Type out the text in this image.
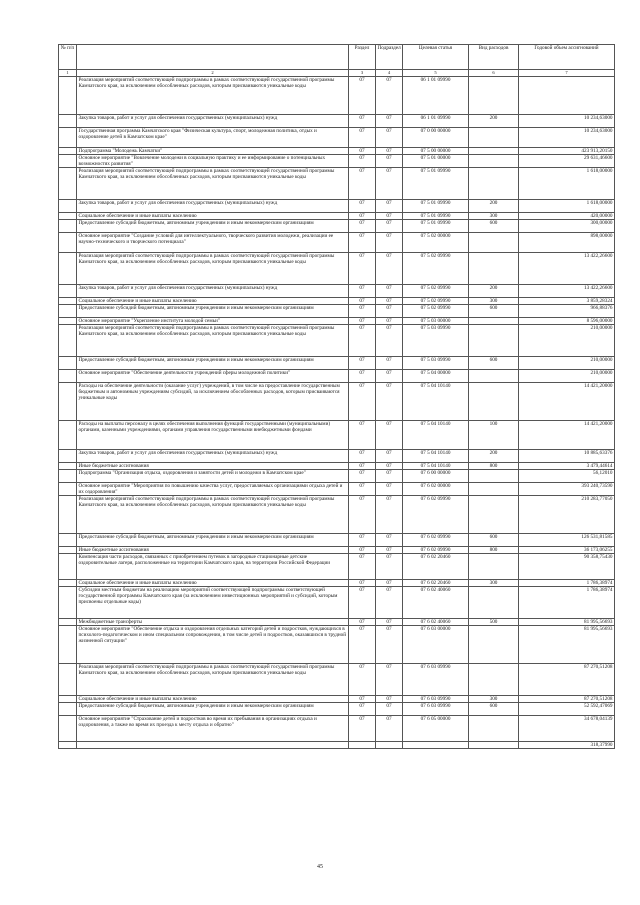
№ п/п		Раздел	Подраздел	Целевая статья	Вид расходов	Годовой объем ассигнований
1	2	3	4	5	6	7
	Реализация мероприятий соответствующей подпрограммы в рамках соответствующей государственной программы Камчатского края, за исключением обособленных расходов, которым присваиваются уникальные коды	07	07	06 1 01 09990		
	Закупка товаров, работ и услуг для обеспечения государственных (муниципальных) нужд	07	07	06 1 01 09990	200	10 234,63000
	Государственная программа Камчатского края "Физическая культура, спорт, молодежная политика, отдых и оздоровление детей в Камчатском крае"	07	07	07 0 00 00000		10 234,63000
	Подпрограмма "Молодежь Камчатки"	07	07	07 5 00 00000		423 913,20150
	Основное мероприятие "Вовлечение молодежи в социальную практику и ее информирование о потенциальных возможностях развития"	07	07	07 5 01 00000		29 631,46600
	Реализация мероприятий соответствующей подпрограммы в рамках соответствующей государственной программы Камчатского края, за исключением обособленных расходов, которым присваиваются уникальные коды	07	07	07 5 01 09990		1 618,00000
	Закупка товаров, работ и услуг для обеспечения государственных (муниципальных) нужд	07	07	07 5 01 09990	200	1 618,00000
	Социальное обеспечение и иные выплаты населению	07	07	07 5 01 09990	300	420,00000
	Предоставление субсидий бюджетным, автономным учреждениям и иным некоммерческим организациям	07	07	07 5 01 09990	600	300,00000
	Основное мероприятие "Создание условий для интеллектуального, творческого развития молодежи, реализации ее научно-технического и творческого потенциала"	07	07	07 5 02 00000		898,00000
	Реализация мероприятий соответствующей подпрограммы в рамках соответствующей государственной программы Камчатского края, за исключением обособленных расходов, которым присваиваются уникальные коды	07	07	07 5 02 09990		13 422,26600
	Закупка товаров, работ и услуг для обеспечения государственных (муниципальных) нужд	07	07	07 5 02 09990	200	13 422,26600
	Социальное обеспечение и иные выплаты населению	07	07	07 5 02 09990	300	3 859,28324
	Предоставление субсидий бюджетным, автономным учреждениям и иным некоммерческим организациям	07	07	07 5 02 09990	600	966,88376
	Основное мероприятие "Укрепление института молодой семьи"	07	07	07 5 03 00000		8 596,00000
	Реализация мероприятий соответствующей подпрограммы в рамках соответствующей государственной программы Камчатского края, за исключением обособленных расходов, которым присваиваются уникальные коды	07	07	07 5 03 09990		210,00000
	Предоставление субсидий бюджетным, автономным учреждениям и иным некоммерческим организациям	07	07	07 5 03 09990	600	210,00000
	Основное мероприятие "Обеспечение деятельности учреждений сферы молодежной политики"	07	07	07 5 04 00000		210,00000
	Расходы на обеспечение деятельности (оказание услуг) учреждений, в том числе на предоставление государственным бюджетным и автономным учреждениям субсидий, за исключением обособленных расходов, которым присваиваются уникальные коды	07	07	07 5 04 10140		14 421,20000
	Расходы на выплаты персоналу в целях обеспечения выполнения функций государственными (муниципальными) органами, казенными учреждениями, органами управления государственными внебюджетными фондами	07	07	07 5 04 10140	100	14 421,20000
	Закупка товаров, работ и услуг для обеспечения государственных (муниципальных) нужд	07	07	07 5 04 10140	200	10 885,63376
	Иные бюджетные ассигнования	07	07	07 5 04 10140	800	3 479,44614
	Подпрограмма "Организация отдыха, оздоровления и занятости детей и молодежи в Камчатском крае"	07	07	07 6 00 00000		56,12010
	Основное мероприятие "Мероприятия по повышению качества услуг, предоставляемых организациями отдыха детей и их оздоровления"	07	07	07 6 02 00000		393 240,73590
	Реализация мероприятий соответствующей подпрограммы в рамках соответствующей государственной программы Камчатского края, за исключением обособленных расходов, которым присваиваются уникальные коды	07	07	07 6 02 09990		210 283,77050
	Предоставление субсидий бюджетным, автономным учреждениям и иным некоммерческим организациям	07	07	07 6 02 09990	600	126 531,81585
	Иные бюджетные ассигнования	07	07	07 6 02 09990	800	36 173,06255
	Компенсация части расходов, связанных с приобретением путевок в загородные стационарные детские оздоровительные лагеря, расположенные на территории Камчатского края, на территории Российской Федерации	07	07	07 6 02 20460		90 358,75430
	Социальное обеспечение и иные выплаты населению	07	07	07 6 02 20460	300	1 786,38974
	Субсидии местным бюджетам на реализацию мероприятий соответствующей подпрограммы соответствующей государственной программы Камчатского края (за исключением инвестиционных мероприятий и субсидий, которым присвоены отдельные коды)	07	07	07 6 02 40060		1 786,38974
	Межбюджетные трансферты	07	07	07 6 02 40060	500	81 995,56693
	Основное мероприятие "Обеспечение отдыха и оздоровления отдельных категорий детей и подростков, нуждающихся в психолого-педагогическом и ином специальном сопровождении, в том числе детей и подростков, оказавшихся в трудной жизненной ситуации"	07	07	07 6 03 00000		81 995,56693
	Реализация мероприятий соответствующей подпрограммы в рамках соответствующей государственной программы Камчатского края, за исключением обособленных расходов, которым присваиваются уникальные коды	07	07	07 6 03 09990		87 270,51208
	Социальное обеспечение и иные выплаты населению	07	07	07 6 03 09990	300	87 270,51208
	Предоставление субсидий бюджетным, автономным учреждениям и иным некоммерческим организациям	07	07	07 6 03 09990	600	52 592,47069
	Основное мероприятие "Страхование детей и подростков во время их пребывания в организациях отдыха и оздоровления, а также во время их проезда к месту отдыха и обратно"	07	07	07 6 05 00000		34 678,04139
						318,37990
45
